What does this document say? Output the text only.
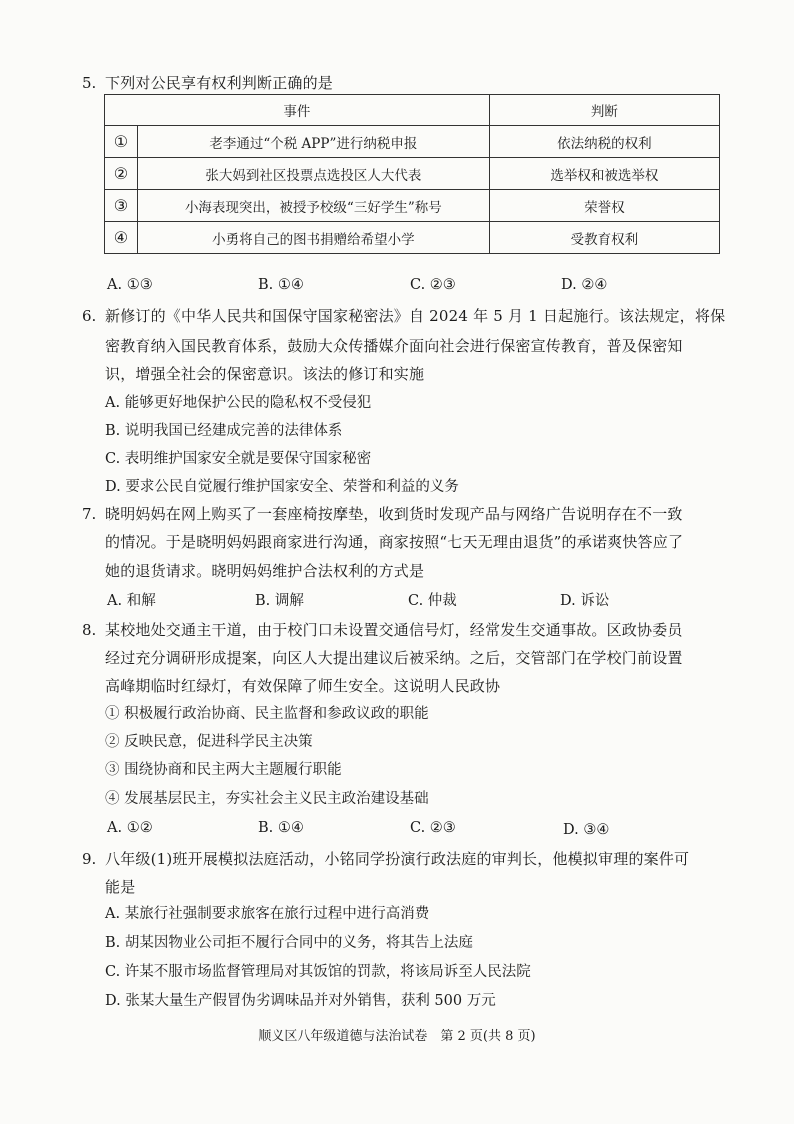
5. 下列对公民享有权利判断正确的是
事件		判断
①	老李通过“个税 APP”进行纳税申报	依法纳税的权利
②	张大妈到社区投票点选投区人大代表	选举权和被选举权
③	小海表现突出，被授予校级“三好学生”称号	荣誉权
④	小勇将自己的图书捐赠给希望小学	受教育权利
A. ①③	B. ①④	C. ②③	D. ②④
6. 新修订的《中华人民共和国保守国家秘密法》自 2024 年 5 月 1 日起施行。该法规定，将保
密教育纳入国民教育体系，鼓励大众传播媒介面向社会进行保密宣传教育，普及保密知
识，增强全社会的保密意识。该法的修订和实施
A. 能够更好地保护公民的隐私权不受侵犯
B. 说明我国已经建成完善的法律体系
C. 表明维护国家安全就是要保守国家秘密
D. 要求公民自觉履行维护国家安全、荣誉和利益的义务
7. 晓明妈妈在网上购买了一套座椅按摩垫，收到货时发现产品与网络广告说明存在不一致
的情况。于是晓明妈妈跟商家进行沟通，商家按照“七天无理由退货”的承诺爽快答应了
她的退货请求。晓明妈妈维护合法权利的方式是
A. 和解	B. 调解	C. 仲裁	D. 诉讼
8. 某校地处交通主干道，由于校门口未设置交通信号灯，经常发生交通事故。区政协委员
经过充分调研形成提案，向区人大提出建议后被采纳。之后，交管部门在学校门前设置
高峰期临时红绿灯，有效保障了师生安全。这说明人民政协
① 积极履行政治协商、民主监督和参政议政的职能
② 反映民意，促进科学民主决策
③ 围绕协商和民主两大主题履行职能
④ 发展基层民主，夯实社会主义民主政治建设基础
A. ①②	B. ①④	C. ②③	D. ③④
9. 八年级(1)班开展模拟法庭活动，小铭同学扮演行政法庭的审判长，他模拟审理的案件可
能是
A. 某旅行社强制要求旅客在旅行过程中进行高消费
B. 胡某因物业公司拒不履行合同中的义务，将其告上法庭
C. 许某不服市场监督管理局对其饭馆的罚款，将该局诉至人民法院
D. 张某大量生产假冒伪劣调味品并对外销售，获利 500 万元
顺义区八年级道德与法治试卷　第 2 页(共 8 页)
